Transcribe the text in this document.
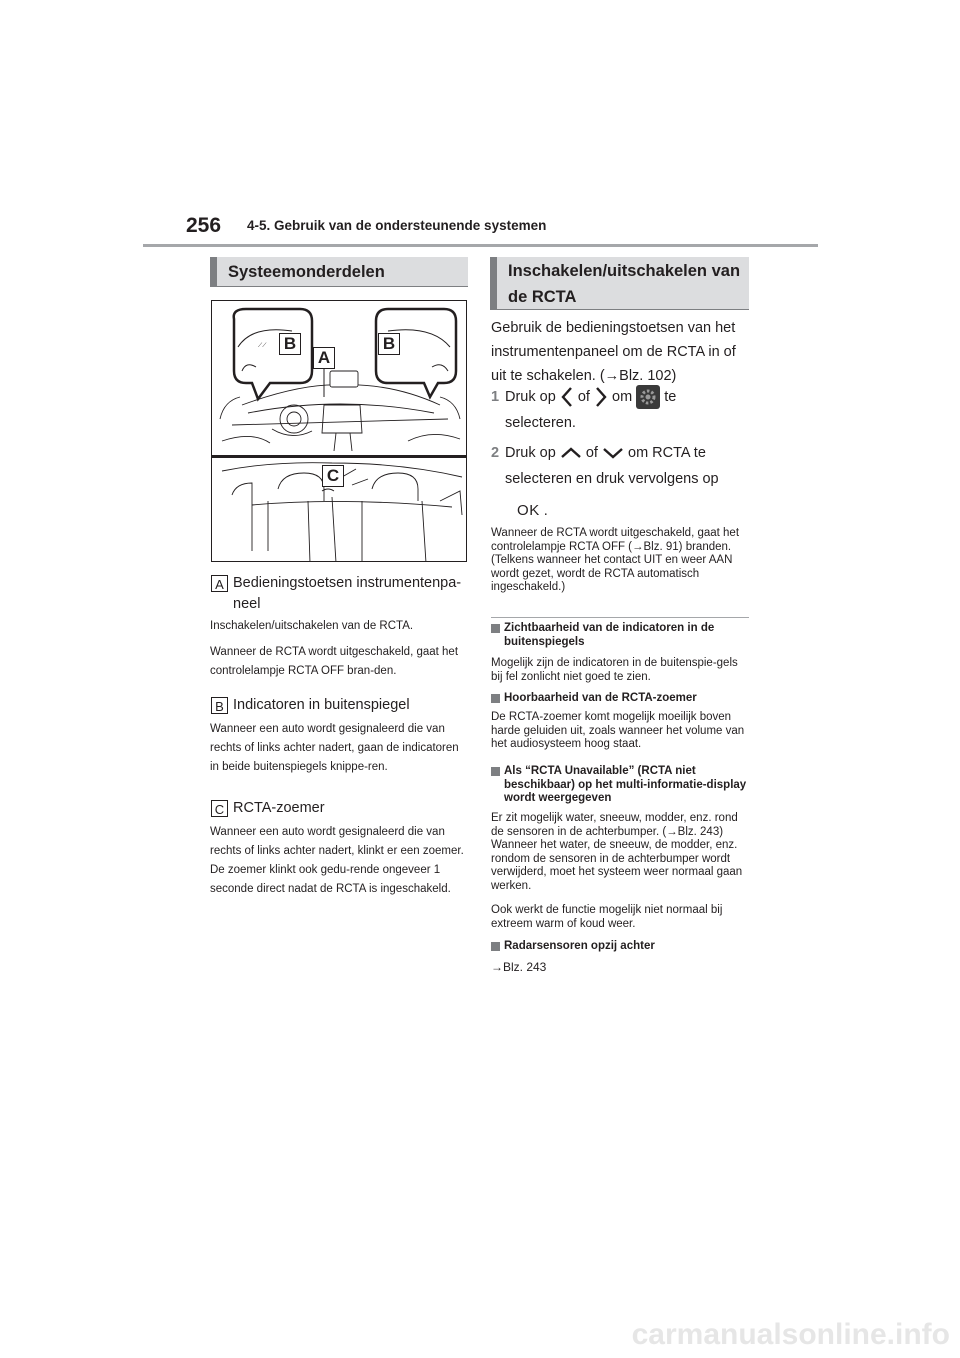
256 4-5. Gebruik van de ondersteunende systemen
Systeemonderdelen
⟋⟋ B
A
B
C
A Bedieningstoetsen instrumentenpa-
neel
Inschakelen/uitschakelen van de RCTA.
Wanneer de RCTA wordt uitgeschakeld, gaat het controlelampje RCTA OFF bran-den.
B Indicatoren in buitenspiegel
Wanneer een auto wordt gesignaleerd die van rechts of links achter nadert, gaan de indicatoren in beide buitenspiegels knippe-ren.
C RCTA-zoemer
Wanneer een auto wordt gesignaleerd die van rechts of links achter nadert, klinkt er een zoemer. De zoemer klinkt ook gedu-rende ongeveer 1 seconde direct nadat de RCTA is ingeschakeld.
Inschakelen/uitschakelen van
de RCTA
Gebruik de bedieningstoetsen van het instrumentenpaneel om de RCTA in of uit te schakelen. (→Blz. 102)
1 Druk op of om te
selecteren.
2 Druk op of om RCTA te
selecteren en druk vervolgens op
OK .
Wanneer de RCTA wordt uitgeschakeld, gaat het controlelampje RCTA OFF (→Blz. 91) branden. (Telkens wanneer het contact UIT en weer AAN wordt gezet, wordt de RCTA automatisch ingeschakeld.)
Zichtbaarheid van de indicatoren in de buitenspiegels
Mogelijk zijn de indicatoren in de buitenspie-gels bij fel zonlicht niet goed te zien.
Hoorbaarheid van de RCTA-zoemer
De RCTA-zoemer komt mogelijk moeilijk boven harde geluiden uit, zoals wanneer het volume van het audiosysteem hoog staat.
Als “RCTA Unavailable” (RCTA niet beschikbaar) op het multi-informatie-display wordt weergegeven
Er zit mogelijk water, sneeuw, modder, enz. rond de sensoren in de achterbumper. (→Blz. 243) Wanneer het water, de sneeuw, de modder, enz. rondom de sensoren in de achterbumper wordt verwijderd, moet het systeem weer normaal gaan werken.
Ook werkt de functie mogelijk niet normaal bij extreem warm of koud weer.
Radarsensoren opzij achter
→Blz. 243
carmanualsonline.info
